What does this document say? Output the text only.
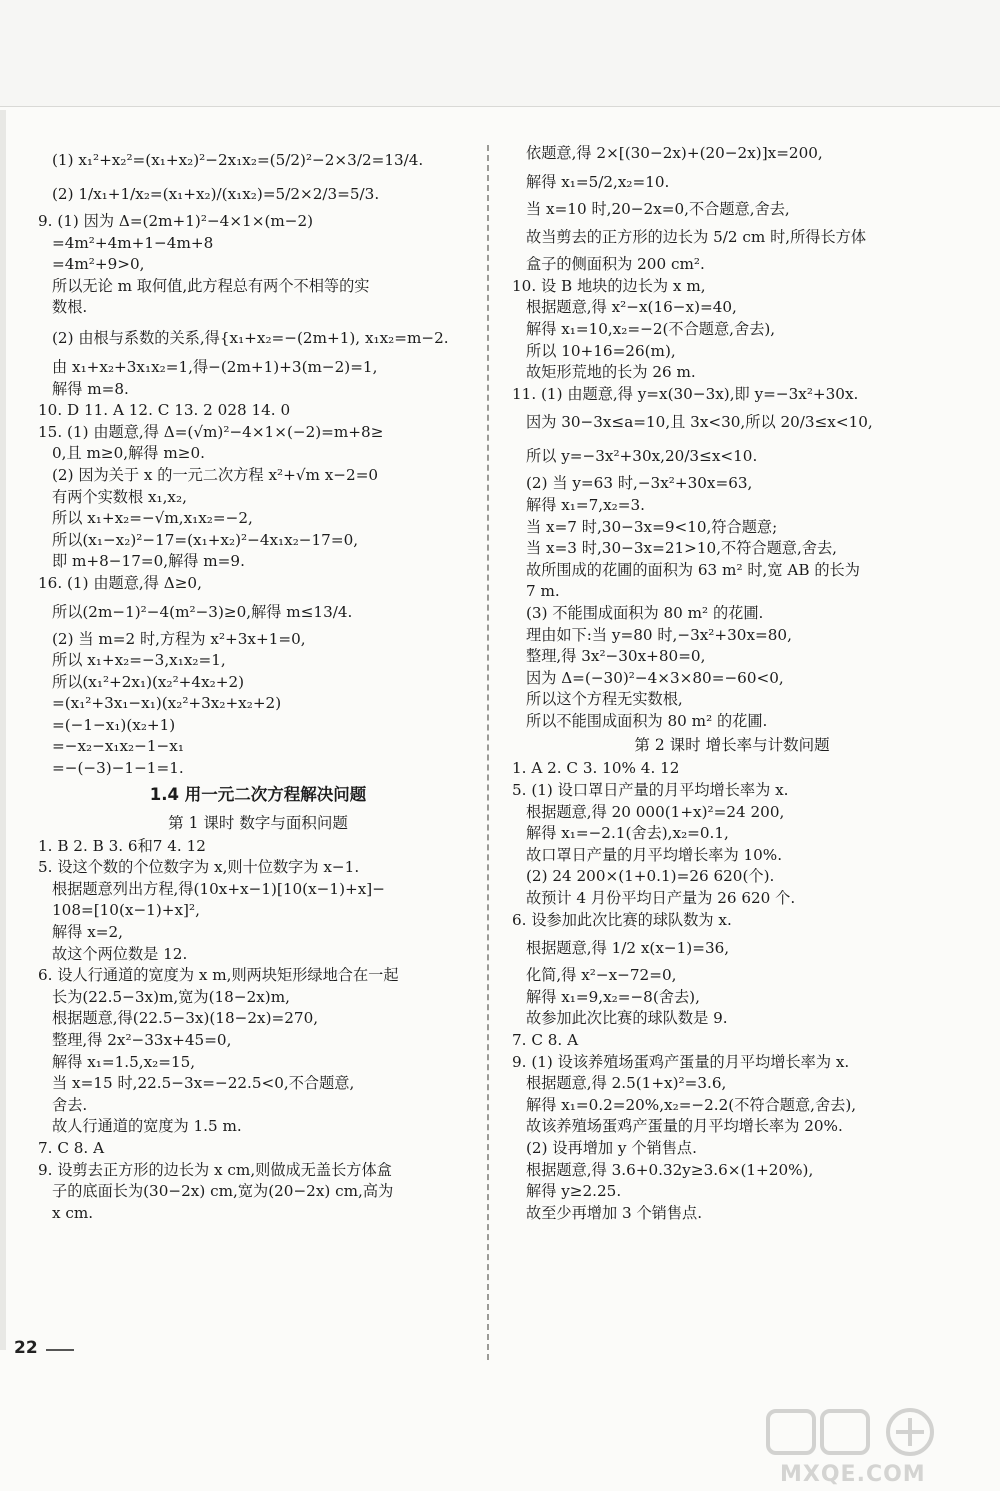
(1) x₁²+x₂²=(x₁+x₂)²−2x₁x₂=(5/2)²−2×3/2=13/4.
(2) 1/x₁+1/x₂=(x₁+x₂)/(x₁x₂)=5/2×2/3=5/3.
9. (1) 因为 Δ=(2m+1)²−4×1×(m−2)
=4m²+4m+1−4m+8
=4m²+9>0,
所以无论 m 取何值,此方程总有两个不相等的实
数根.
(2) 由根与系数的关系,得{x₁+x₂=−(2m+1), x₁x₂=m−2.
由 x₁+x₂+3x₁x₂=1,得−(2m+1)+3(m−2)=1,
解得 m=8.
10. D 11. A 12. C 13. 2 028 14. 0
15. (1) 由题意,得 Δ=(√m)²−4×1×(−2)=m+8≥
0,且 m≥0,解得 m≥0.
(2) 因为关于 x 的一元二次方程 x²+√m x−2=0
有两个实数根 x₁,x₂,
所以 x₁+x₂=−√m,x₁x₂=−2,
所以(x₁−x₂)²−17=(x₁+x₂)²−4x₁x₂−17=0,
即 m+8−17=0,解得 m=9.
16. (1) 由题意,得 Δ≥0,
所以(2m−1)²−4(m²−3)≥0,解得 m≤13/4.
(2) 当 m=2 时,方程为 x²+3x+1=0,
所以 x₁+x₂=−3,x₁x₂=1,
所以(x₁²+2x₁)(x₂²+4x₂+2)
=(x₁²+3x₁−x₁)(x₂²+3x₂+x₂+2)
=(−1−x₁)(x₂+1)
=−x₂−x₁x₂−1−x₁
=−(−3)−1−1=1.
1.4 用一元二次方程解决问题
第 1 课时 数字与面积问题
1. B 2. B 3. 6和7 4. 12
5. 设这个数的个位数字为 x,则十位数字为 x−1.
根据题意列出方程,得(10x+x−1)[10(x−1)+x]−
108=[10(x−1)+x]²,
解得 x=2,
故这个两位数是 12.
6. 设人行通道的宽度为 x m,则两块矩形绿地合在一起
长为(22.5−3x)m,宽为(18−2x)m,
根据题意,得(22.5−3x)(18−2x)=270,
整理,得 2x²−33x+45=0,
解得 x₁=1.5,x₂=15,
当 x=15 时,22.5−3x=−22.5<0,不合题意,
舍去.
故人行通道的宽度为 1.5 m.
7. C 8. A
9. 设剪去正方形的边长为 x cm,则做成无盖长方体盒
子的底面长为(30−2x) cm,宽为(20−2x) cm,高为
x cm.
依题意,得 2×[(30−2x)+(20−2x)]x=200,
解得 x₁=5/2,x₂=10.
当 x=10 时,20−2x=0,不合题意,舍去,
故当剪去的正方形的边长为 5/2 cm 时,所得长方体
盒子的侧面积为 200 cm².
10. 设 B 地块的边长为 x m,
根据题意,得 x²−x(16−x)=40,
解得 x₁=10,x₂=−2(不合题意,舍去),
所以 10+16=26(m),
故矩形荒地的长为 26 m.
11. (1) 由题意,得 y=x(30−3x),即 y=−3x²+30x.
因为 30−3x≤a=10,且 3x<30,所以 20/3≤x<10,
所以 y=−3x²+30x,20/3≤x<10.
(2) 当 y=63 时,−3x²+30x=63,
解得 x₁=7,x₂=3.
当 x=7 时,30−3x=9<10,符合题意;
当 x=3 时,30−3x=21>10,不符合题意,舍去,
故所围成的花圃的面积为 63 m² 时,宽 AB 的长为
7 m.
(3) 不能围成面积为 80 m² 的花圃.
理由如下:当 y=80 时,−3x²+30x=80,
整理,得 3x²−30x+80=0,
因为 Δ=(−30)²−4×3×80=−60<0,
所以这个方程无实数根,
所以不能围成面积为 80 m² 的花圃.
第 2 课时 增长率与计数问题
1. A 2. C 3. 10% 4. 12
5. (1) 设口罩日产量的月平均增长率为 x.
根据题意,得 20 000(1+x)²=24 200,
解得 x₁=−2.1(舍去),x₂=0.1,
故口罩日产量的月平均增长率为 10%.
(2) 24 200×(1+0.1)=26 620(个).
故预计 4 月份平均日产量为 26 620 个.
6. 设参加此次比赛的球队数为 x.
根据题意,得 1/2 x(x−1)=36,
化简,得 x²−x−72=0,
解得 x₁=9,x₂=−8(舍去),
故参加此次比赛的球队数是 9.
7. C 8. A
9. (1) 设该养殖场蛋鸡产蛋量的月平均增长率为 x.
根据题意,得 2.5(1+x)²=3.6,
解得 x₁=0.2=20%,x₂=−2.2(不符合题意,舍去),
故该养殖场蛋鸡产蛋量的月平均增长率为 20%.
(2) 设再增加 y 个销售点.
根据题意,得 3.6+0.32y≥3.6×(1+20%),
解得 y≥2.25.
故至少再增加 3 个销售点.
22
MXQE.COM
